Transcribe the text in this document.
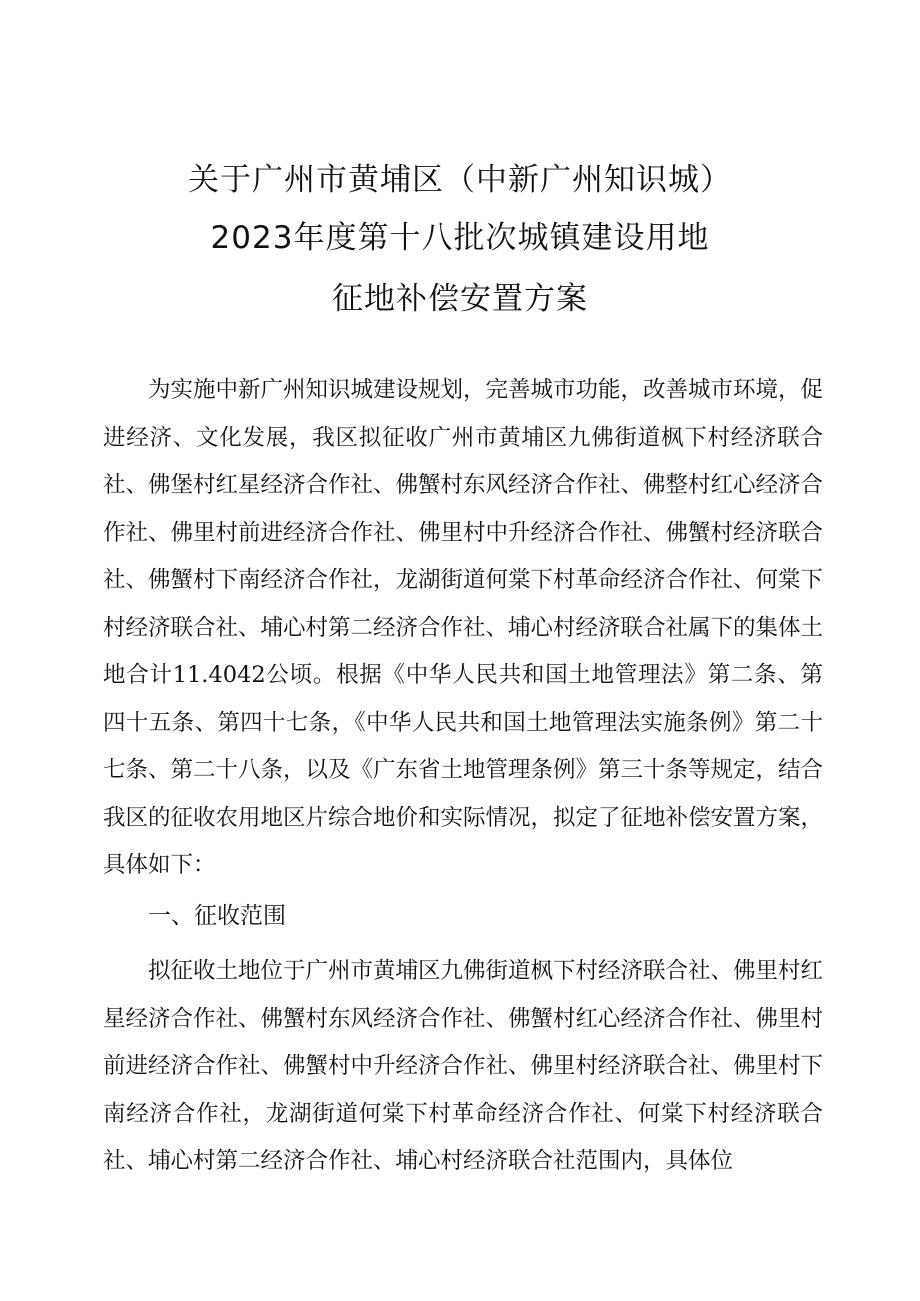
关于广州市黄埔区（中新广州知识城）
2023年度第十八批次城镇建设用地
征地补偿安置方案
为实施中新广州知识城建设规划，完善城市功能，改善城市环境，促进经济、文化发展，我区拟征收广州市黄埔区九佛街道枫下村经济联合社、佛堡村红星经济合作社、佛蟹村东风经济合作社、佛整村红心经济合作社、佛里村前进经济合作社、佛里村中升经济合作社、佛蟹村经济联合社、佛蟹村下南经济合作社，龙湖街道何棠下村革命经济合作社、何棠下村经济联合社、埔心村第二经济合作社、埔心村经济联合社属下的集体土地合计11.4042公顷。根据《中华人民共和国土地管理法》第二条、第四十五条、第四十七条，《中华人民共和国土地管理法实施条例》第二十七条、第二十八条，以及《广东省土地管理条例》第三十条等规定，结合我区的征收农用地区片综合地价和实际情况，拟定了征地补偿安置方案，具体如下：
一、征收范围
拟征收土地位于广州市黄埔区九佛街道枫下村经济联合社、佛里村红星经济合作社、佛蟹村东风经济合作社、佛蟹村红心经济合作社、佛里村前进经济合作社、佛蟹村中升经济合作社、佛里村经济联合社、佛里村下南经济合作社，龙湖街道何棠下村革命经济合作社、何棠下村经济联合社、埔心村第二经济合作社、埔心村经济联合社范围内，具体位
